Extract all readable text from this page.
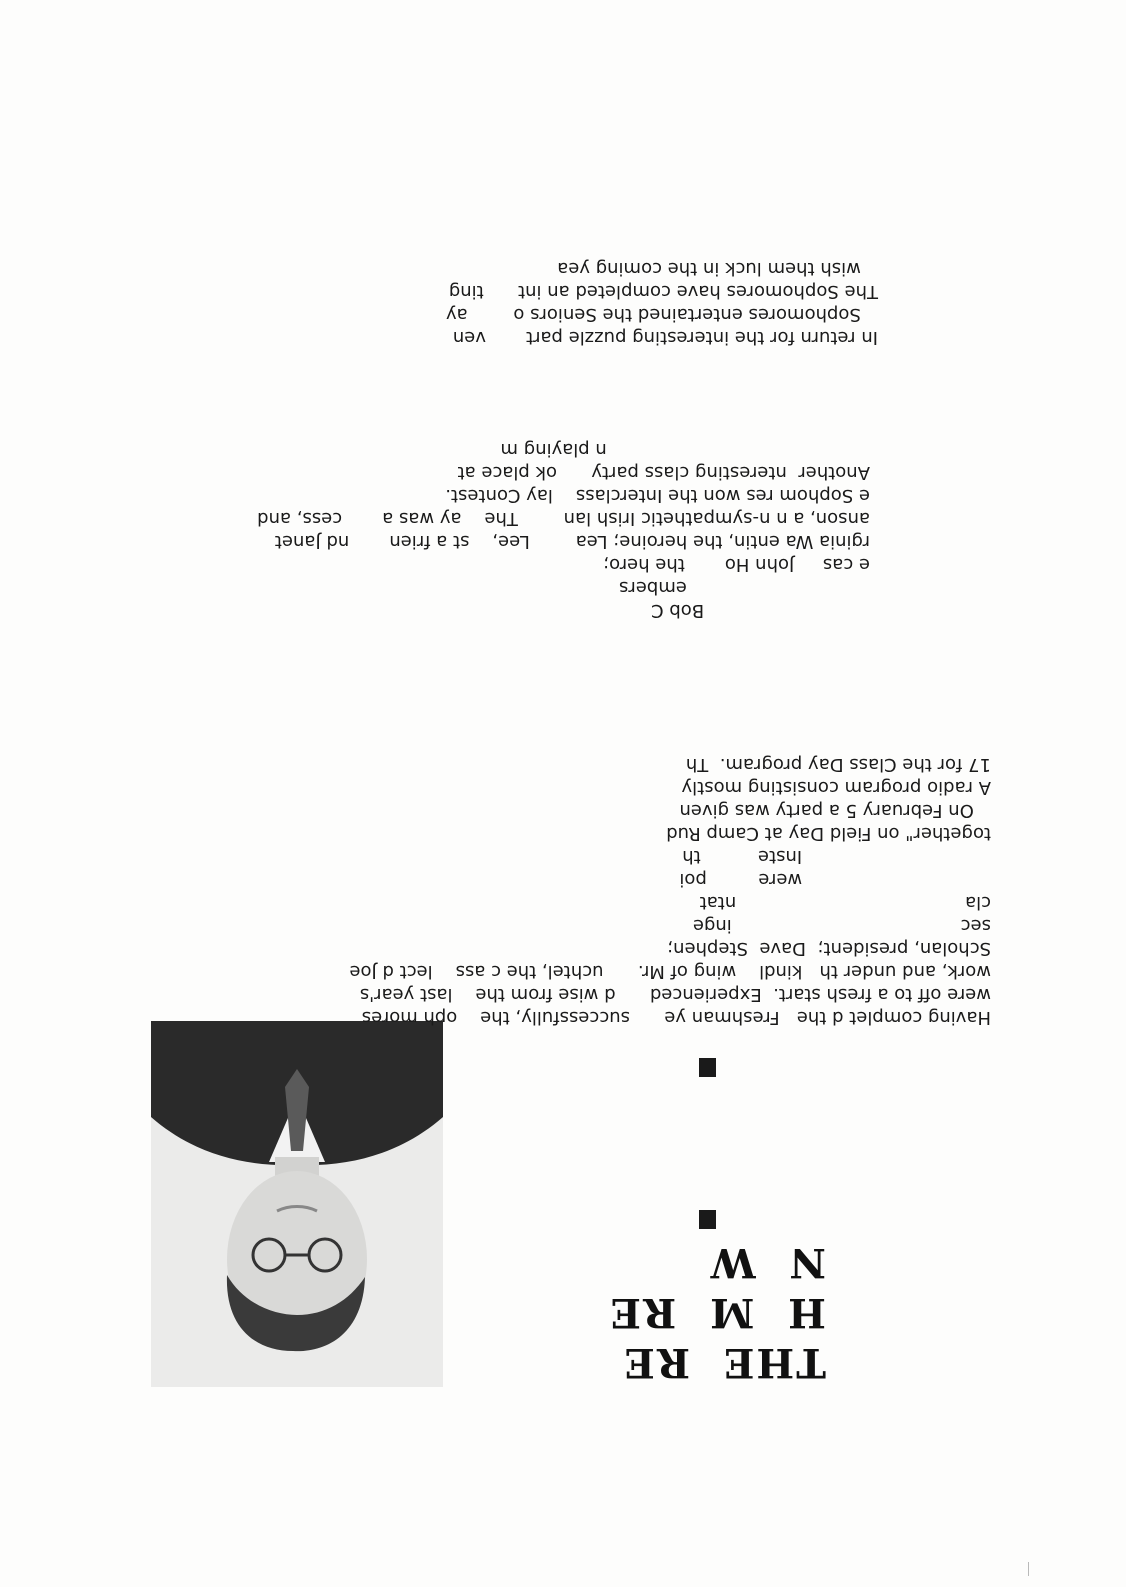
THE  RE
H  M  RE
N  W
Having complet d the   Freshman ye      successfully, the    oph mores
were off to a fresh start.  Experienced      d wise from the    last year's
work, and under th   kindl    wing of Mr.      uchtel, the c ass    lect d Joe
Scholan, president;  Dave  Stephen;
sec                                        inge
cla                                        ntat
were         poi
Inste          th
together" on Field Day at Camp Rud
On February 5 a party was given
A radio program consisting mostly
17 for the Class Day program.  Th
Bob C
embers
e cas     John Ho       the hero;
rginia Wa entin, the heroine; Lea        Lee,    st a frien       nd Janet
anson, a n n-sympathetic Irish lan        The    ay was a       cess, and
e Sophom res won the Interclass    lay Contest.
Another  nteresting class party      ok place at
n playing m
In return for the interesting puzzle part       ven
Sophomores entertained the Seniors o        ay
The Sophomores have completed an int      ting
wish them luck in the coming yea
